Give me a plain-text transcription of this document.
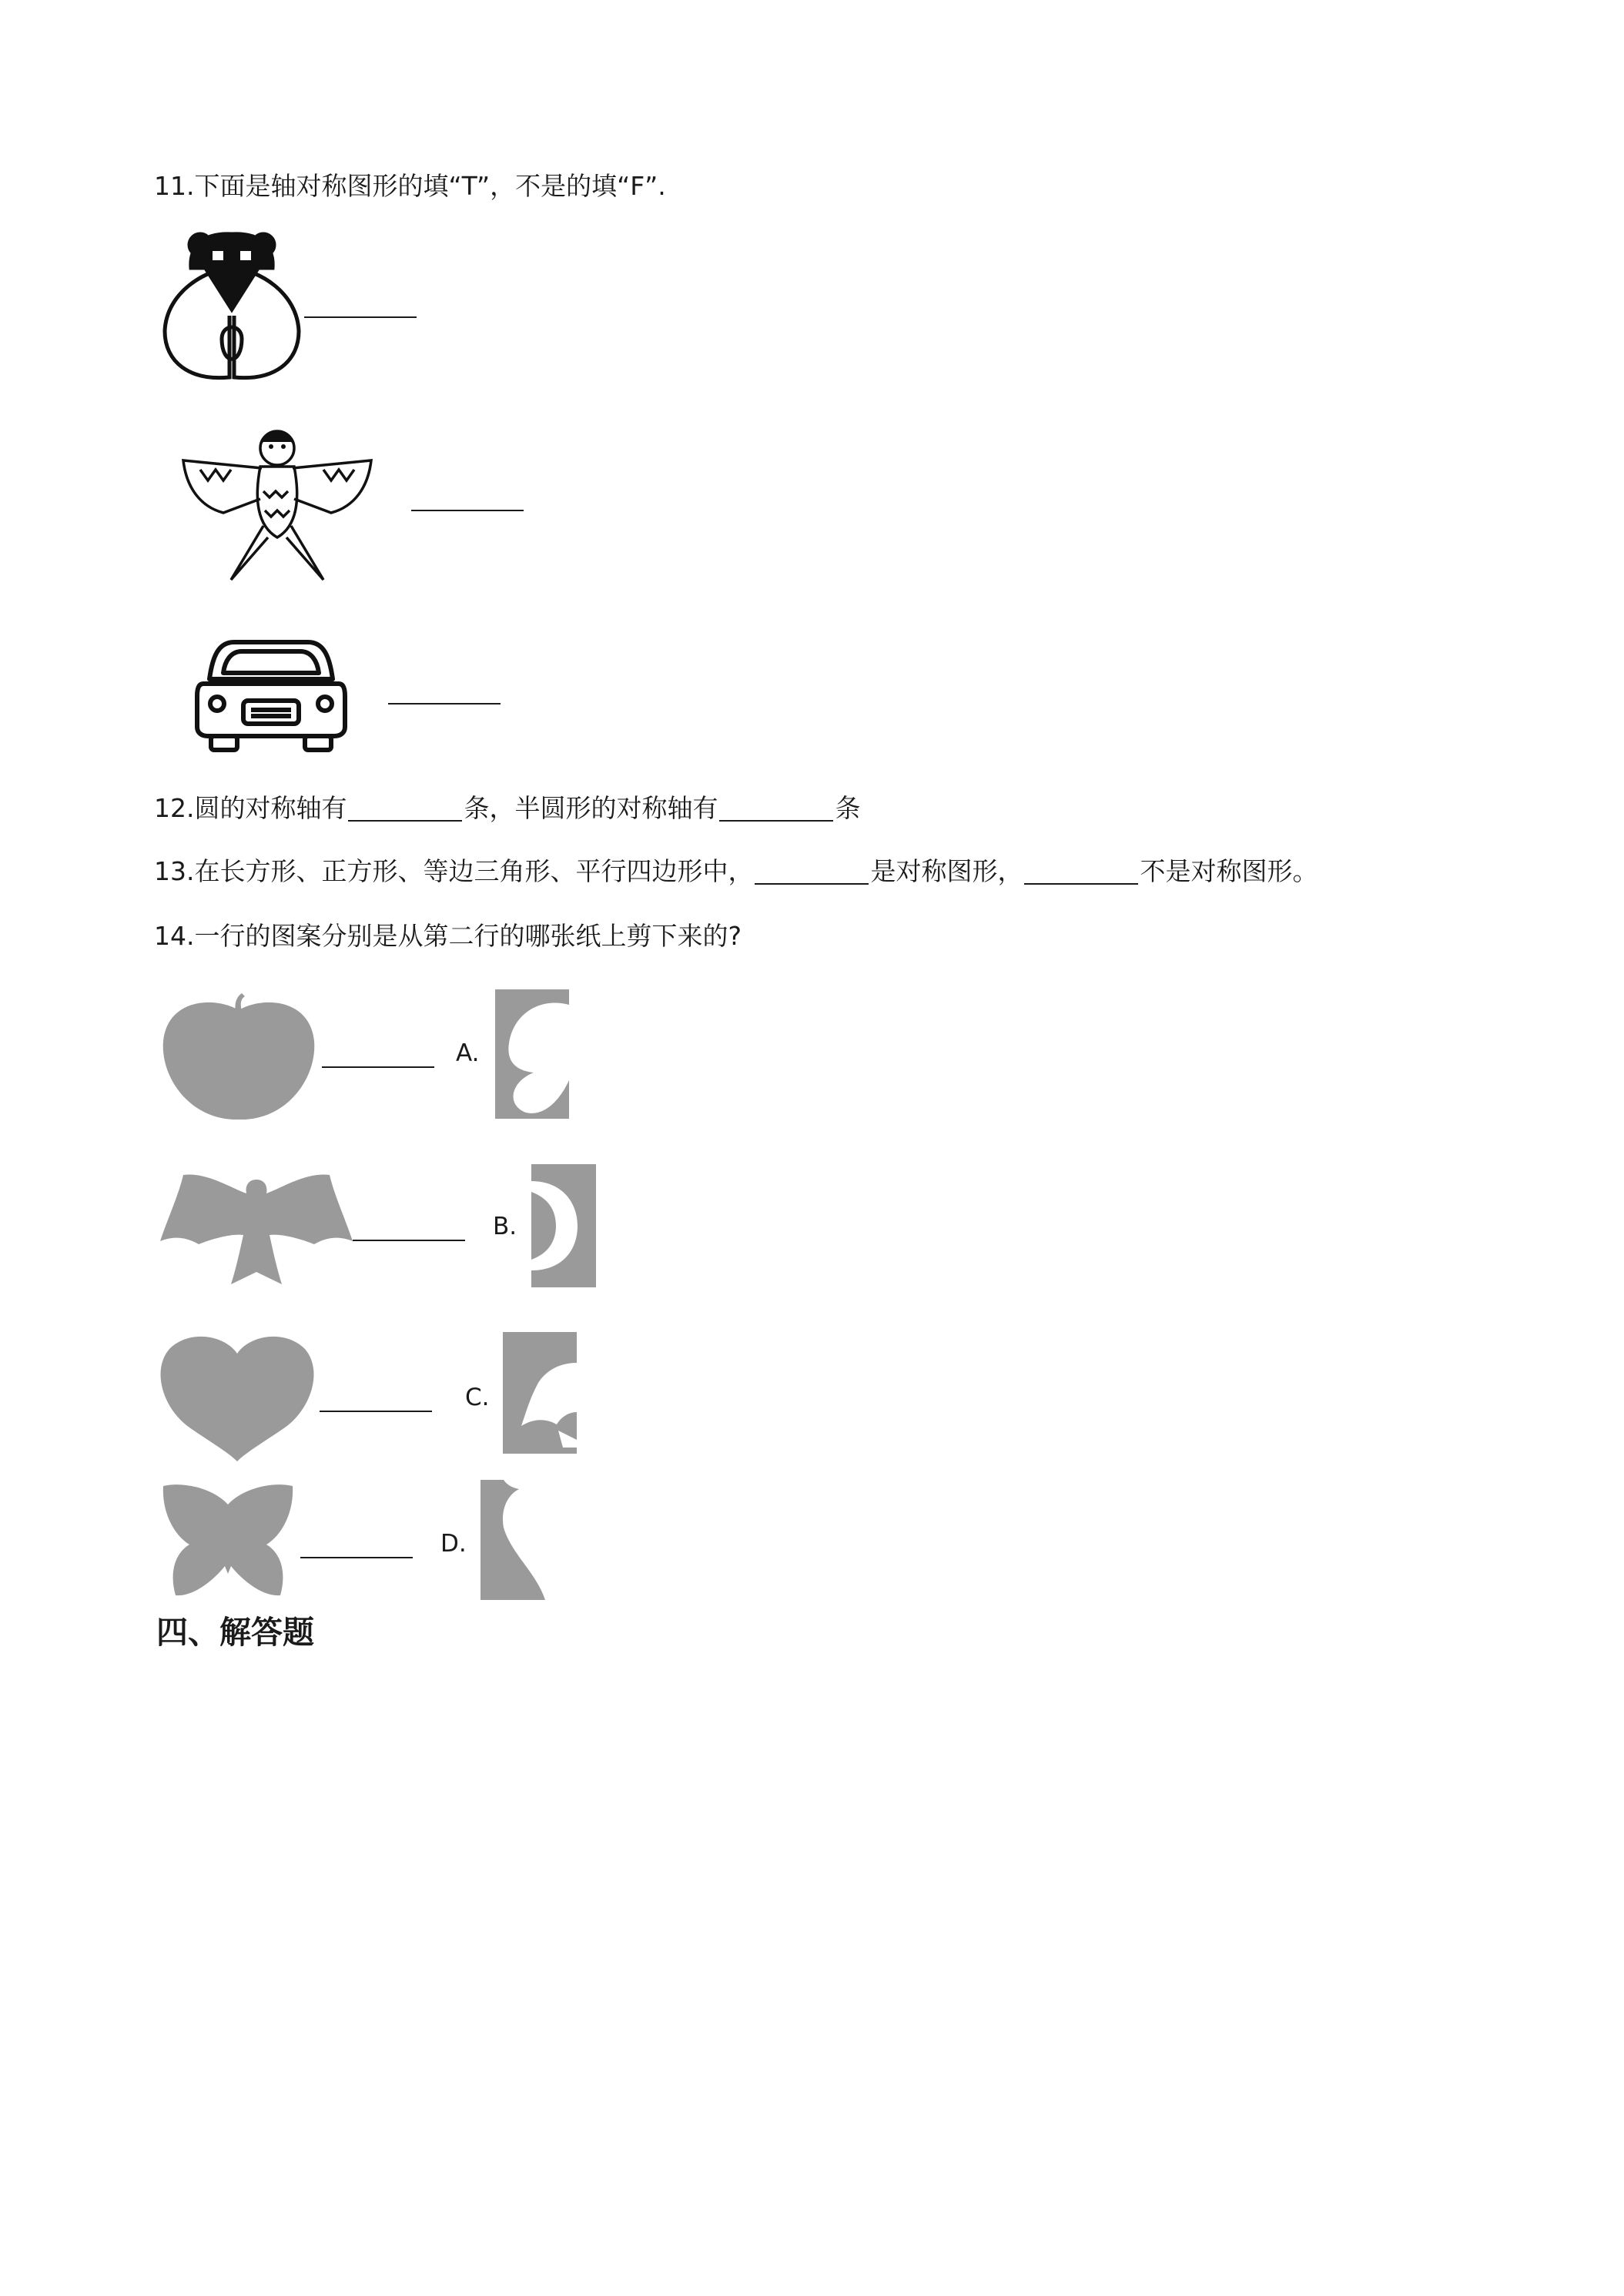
11.下面是轴对称图形的填“T”，不是的填“F”.
12.圆的对称轴有	条，半圆形的对称轴有	条
13.在长方形、正方形、等边三角形、平行四边形中，	是对称图形，	不是对称图形。
14.一行的图案分别是从第二行的哪张纸上剪下来的?
A.
B.
C.
D.
四、解答题
